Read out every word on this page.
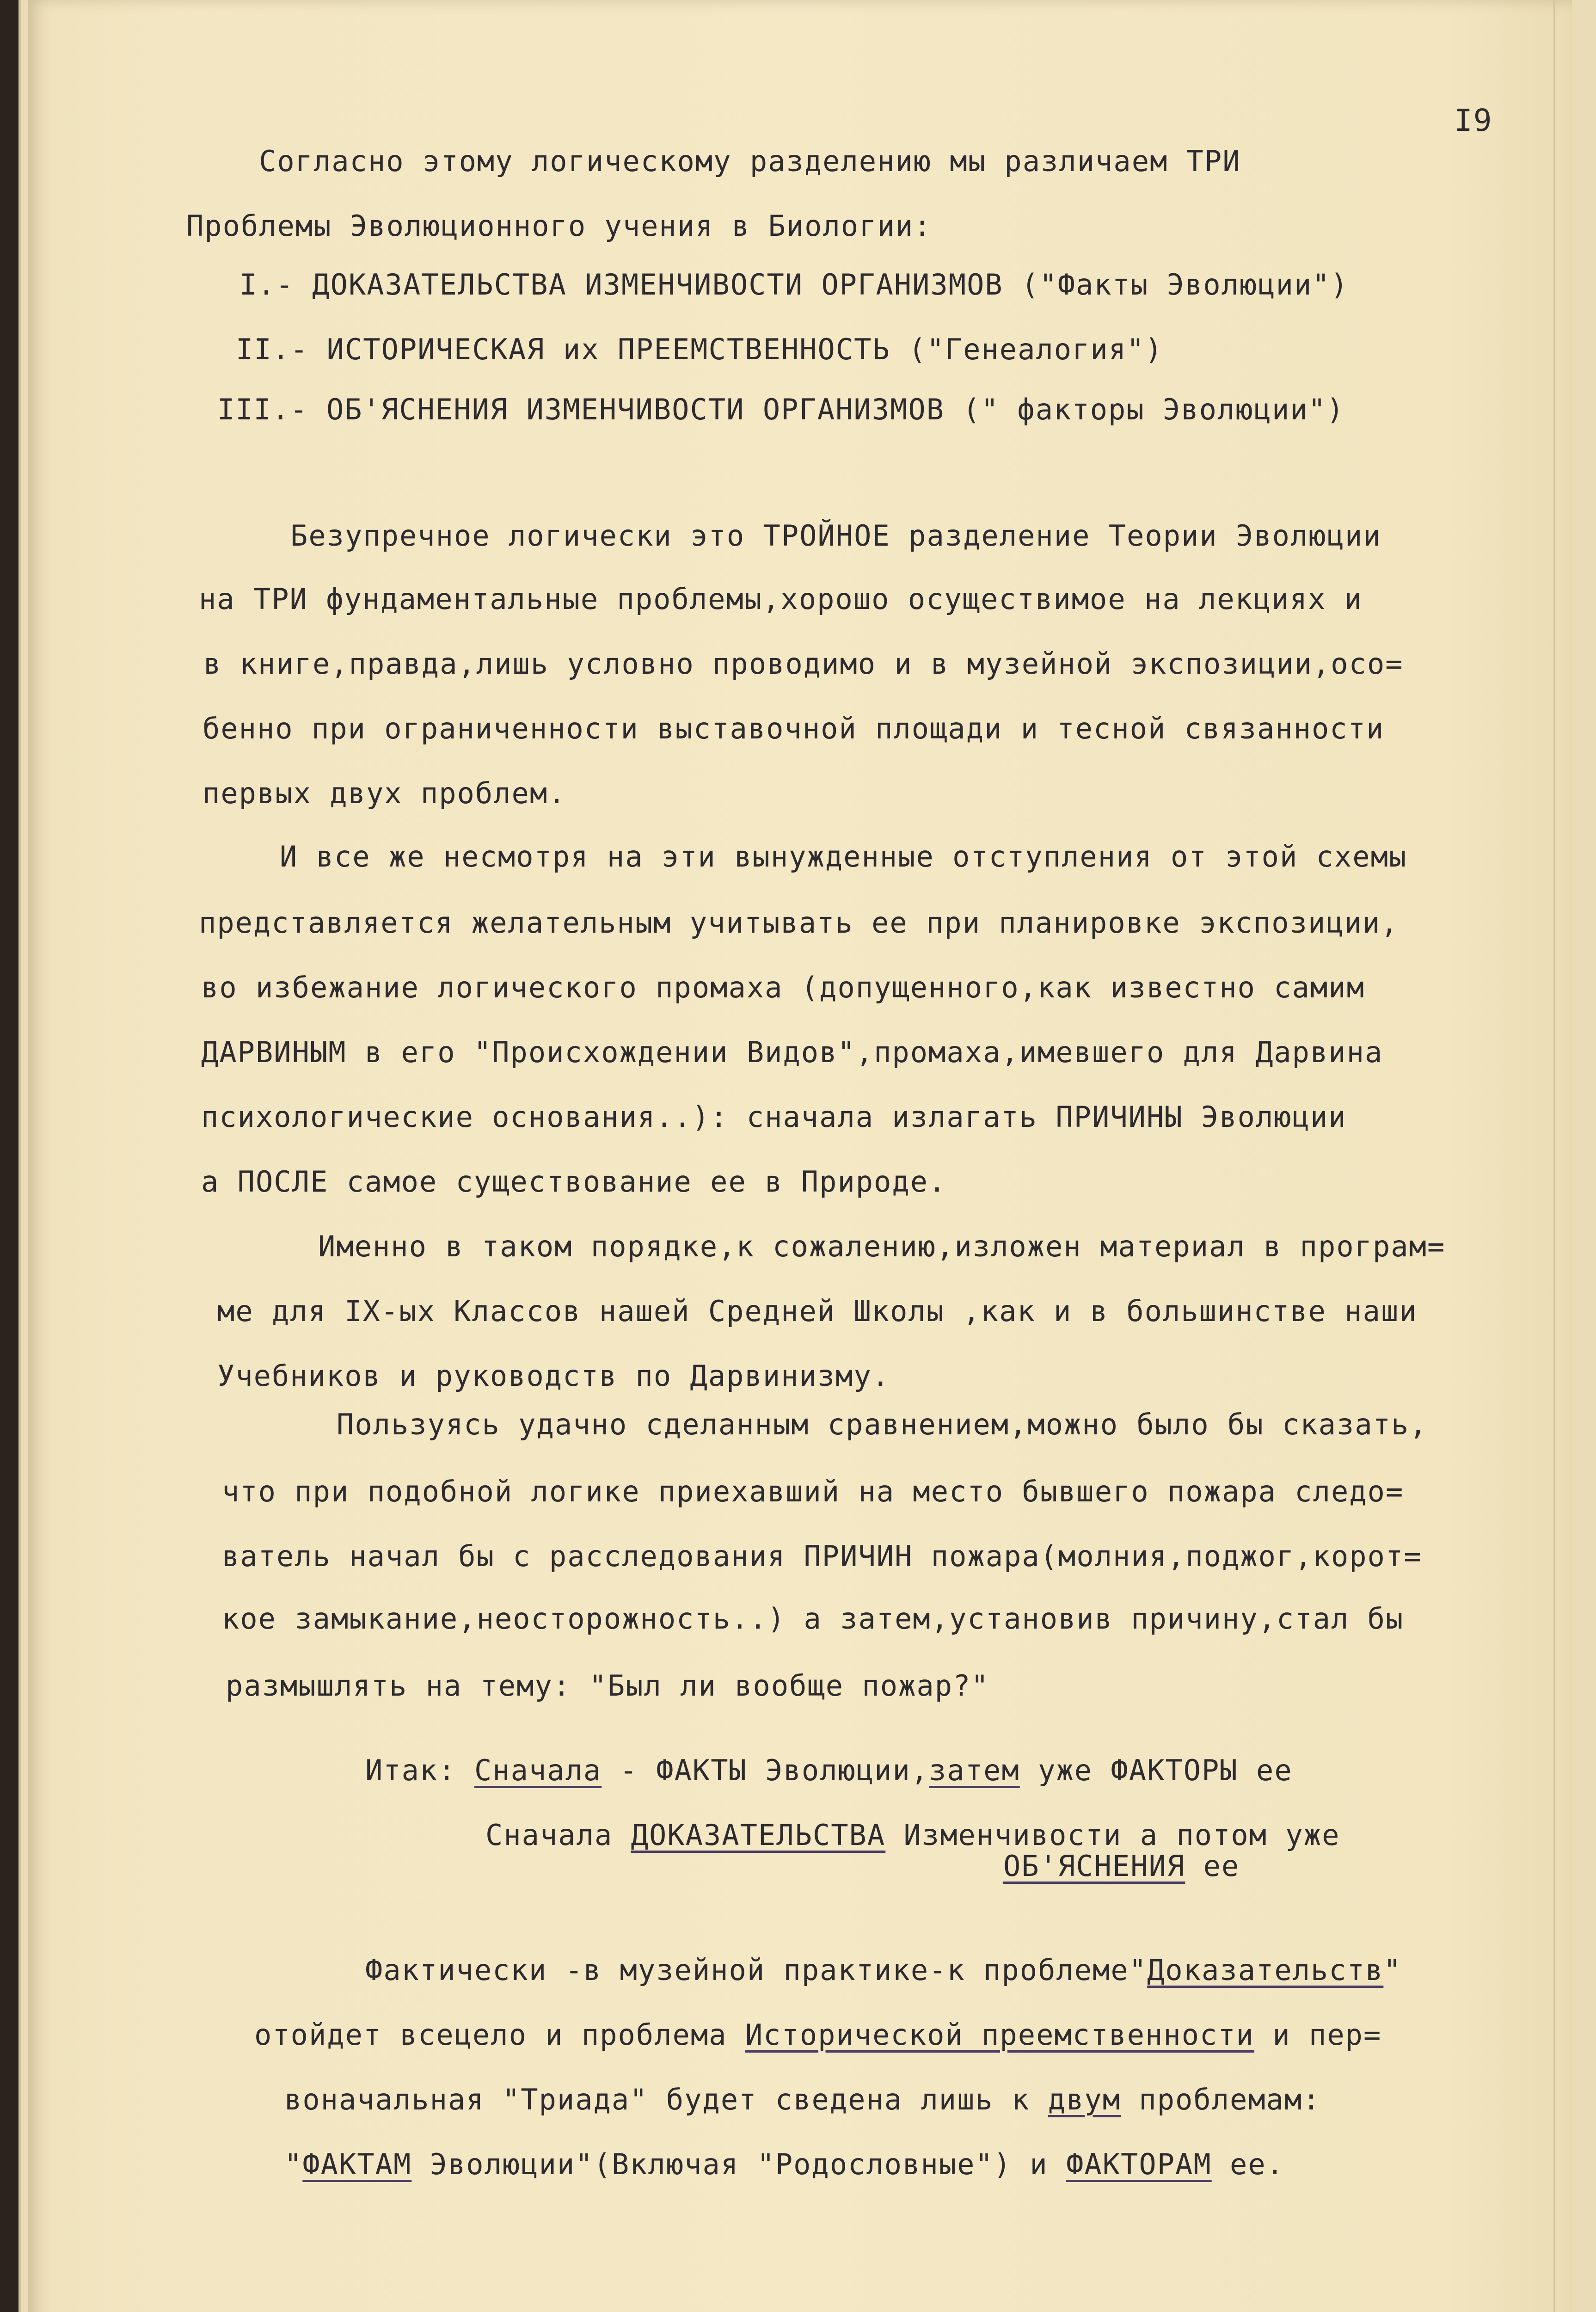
I9
Согласно этому логическому разделению мы различаем ТРИ
Проблемы Эволюционного учения в Биологии:
I.- ДОКАЗАТЕЛЬСТВА ИЗМЕНЧИВОСТИ ОРГАНИЗМОВ ("Факты Эволюции")
II.- ИСТОРИЧЕСКАЯ их ПРЕЕМСТВЕННОСТЬ ("Генеалогия")
III.- ОБ'ЯСНЕНИЯ ИЗМЕНЧИВОСТИ ОРГАНИЗМОВ (" факторы Эволюции")
Безупречное логически это ТРОЙНОЕ разделение Теории Эволюции
на ТРИ фундаментальные проблемы,хорошо осуществимое на лекциях и
в книге,правда,лишь условно проводимо и в музейной экспозиции,осо=
бенно при ограниченности выставочной площади и тесной связанности
первых двух проблем.
И все же несмотря на эти вынужденные отступления от этой схемы
представляется желательным учитывать ее при планировке экспозиции,
во избежание логического промаха (допущенного,как известно самим
ДАРВИНЫМ в его "Происхождении Видов",промаха,имевшего для Дарвина
психологические основания..): сначала излагать ПРИЧИНЫ Эволюции
а ПОСЛЕ самое существование ее в Природе.
Именно в таком порядке,к сожалению,изложен материал в програм=
ме для IX-ых Классов нашей Средней Школы ,как и в большинстве наши
Учебников и руководств по Дарвинизму.
Пользуясь удачно сделанным сравнением,можно было бы сказать,
что при подобной логике приехавший на место бывшего пожара следо=
ватель начал бы с расследования ПРИЧИН пожара(молния,поджог,корот=
кое замыкание,неосторожность..) а затем,установив причину,стал бы
размышлять на тему: "Был ли вообще пожар?"
Итак: Сначала - ФАКТЫ Эволюции,затем уже ФАКТОРЫ ее
Сначала ДОКАЗАТЕЛЬСТВА Изменчивости а потом уже
ОБ'ЯСНЕНИЯ ее
Фактически -в музейной практике-к проблеме"Доказательств"
отойдет всецело и проблема Исторической преемственности и пер=
воначальная "Триада" будет сведена лишь к двум проблемам:
"ФАКТАМ Эволюции"(Включая "Родословные") и ФАКТОРАМ ее.
